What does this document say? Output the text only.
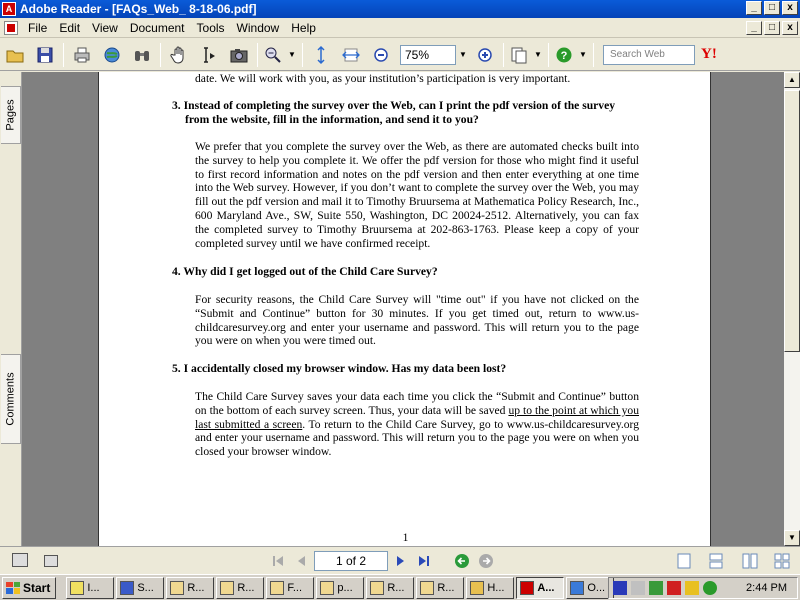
A Adobe Reader - [FAQs_Web_ 8-18-06.pdf]	_	□	x
File	Edit	View	Document	Tools	Window	Help	_	□	x
▼	75%	▼	▼ ?	▼	Search Web	Y!
Pages
Comments
date. We will work with you, as your institution’s participation is very important.
3. Instead of completing the survey over the Web, can I print the pdf version of the survey
from the website, fill in the information, and send it to you?
We prefer that you complete the survey over the Web, as there are automated checks built into the survey to help you complete it. We offer the pdf version for those who might find it useful to first record information and notes on the pdf version and then enter everything at one time into the Web survey. However, if you don’t want to complete the survey over the Web, you may fill out the pdf version and mail it to Timothy Bruursema at Mathematica Policy Research, Inc., 600 Maryland Ave., SW, Suite 550, Washington, DC 20024-2512. Alternatively, you can fax the completed survey to Timothy Bruursema at 202-863-1763. Please keep a copy of your completed survey until we have confirmed receipt.
4. Why did I get logged out of the Child Care Survey?
For security reasons, the Child Care Survey will "time out" if you have not clicked on the “Submit and Continue” button for 30 minutes. If you get timed out, return to www.us-childcaresurvey.org and enter your username and password. This will return you to the page you were on when you were timed out.
5. I accidentally closed my browser window. Has my data been lost?
The Child Care Survey saves your data each time you click the “Submit and Continue” button on the bottom of each survey screen. Thus, your data will be saved up to the point at which you last submitted a screen. To return to the Child Care Survey, go to www.us-childcaresurvey.org and enter your username and password. This will return you to the page you were on when you closed your browser window.
1
▲
▼
1 of 2
Start	I...	S...	R...	R...	F...	p...	R...	R...	H...	A...	O...	2:44 PM
